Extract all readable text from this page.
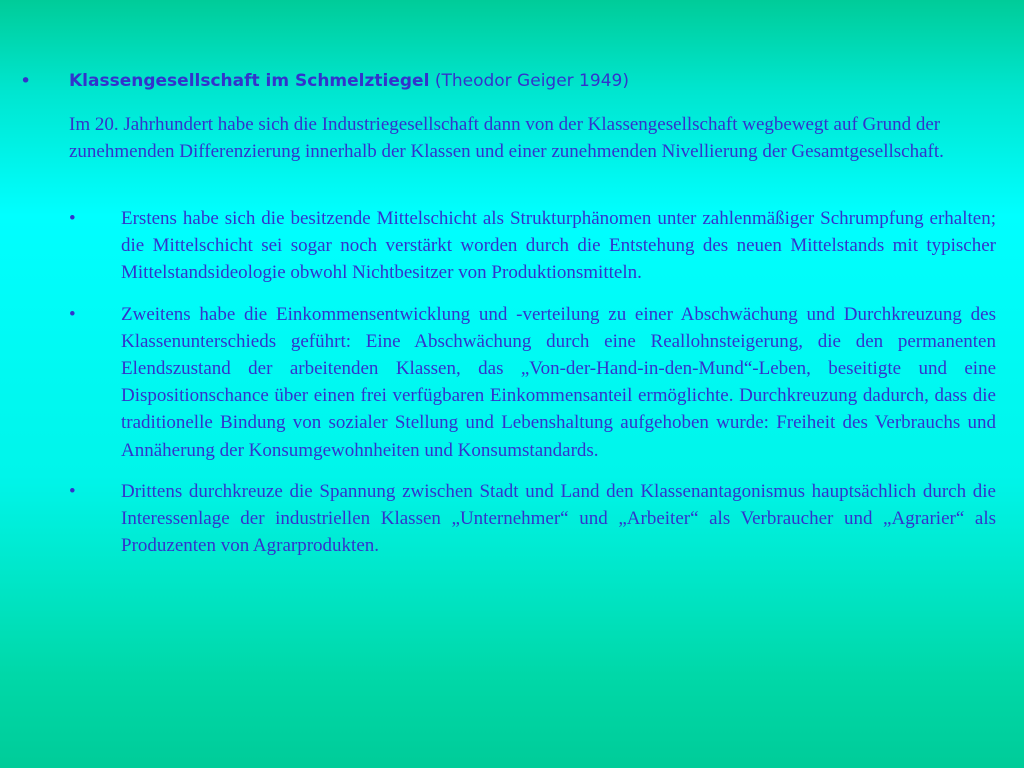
• Klassengesellschaft im Schmelztiegel (Theodor Geiger 1949)

Im 20. Jahrhundert habe sich die Industriegesellschaft dann von der Klassengesellschaft wegbewegt auf Grund der zunehmenden Differenzierung innerhalb der Klassen und einer zunehmenden Nivellierung der Gesamtgesellschaft.

• Erstens habe sich die besitzende Mittelschicht als Strukturphänomen unter zahlenmäßiger Schrumpfung erhalten; die Mittelschicht sei sogar noch verstärkt worden durch die Entstehung des neuen Mittelstands mit typischer Mittelstandsideologie obwohl Nichtbesitzer von Produktionsmitteln.
• Zweitens habe die Einkommensentwicklung und -verteilung zu einer Abschwächung und Durchkreuzung des Klassenunterschieds geführt: Eine Abschwächung durch eine Reallohnsteigerung, die den permanenten Elendszustand der arbeitenden Klassen, das „Von-der-Hand-in-den-Mund“-Leben, beseitigte und eine Dispositionschance über einen frei verfügbaren Einkommensanteil ermöglichte. Durchkreuzung dadurch, dass die traditionelle Bindung von sozialer Stellung und Lebenshaltung aufgehoben wurde: Freiheit des Verbrauchs und Annäherung der Konsumgewohnheiten und Konsumstandards.
• Drittens durchkreuze die Spannung zwischen Stadt und Land den Klassenantagonismus hauptsächlich durch die Interessenlage der industriellen Klassen „Unternehmer“ und „Arbeiter“ als Verbraucher und „Agrarier“ als Produzenten von Agrarprodukten.
